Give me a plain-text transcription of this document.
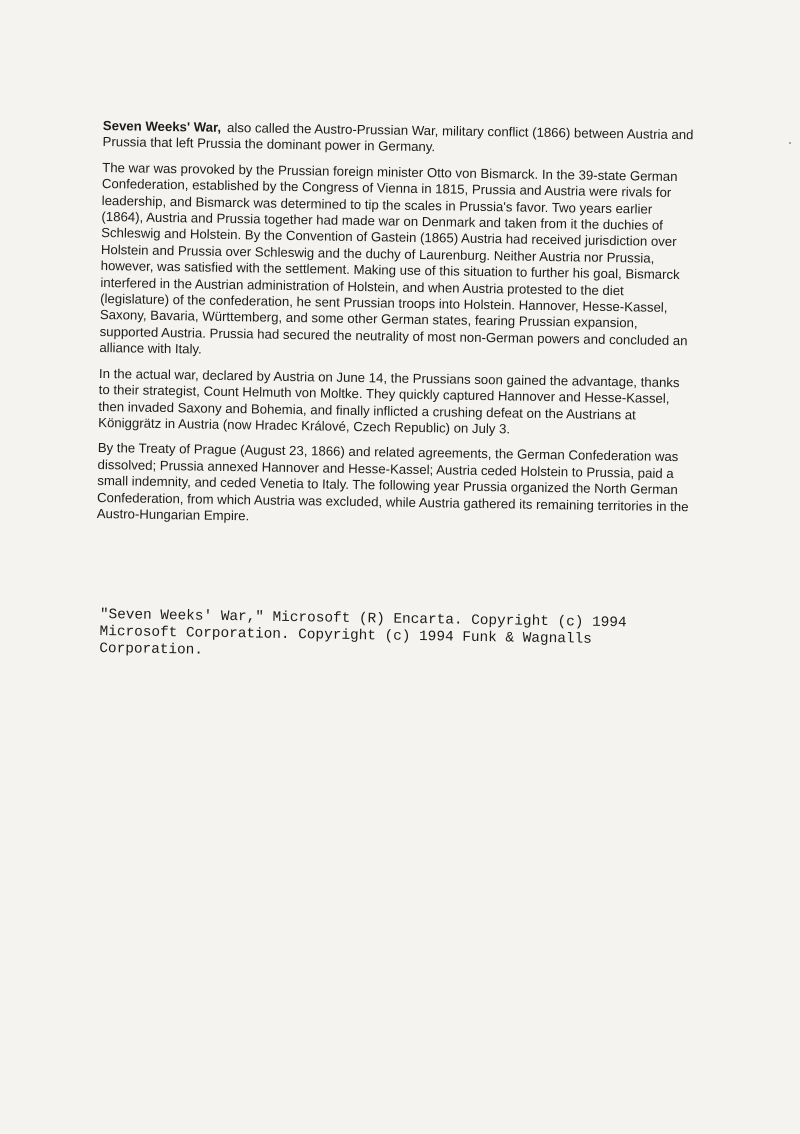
Seven Weeks' War, also called the Austro-Prussian War, military conflict (1866) between Austria and Prussia that left Prussia the dominant power in Germany.

The war was provoked by the Prussian foreign minister Otto von Bismarck. In the 39-state German Confederation, established by the Congress of Vienna in 1815, Prussia and Austria were rivals for leadership, and Bismarck was determined to tip the scales in Prussia's favor. Two years earlier (1864), Austria and Prussia together had made war on Denmark and taken from it the duchies of Schleswig and Holstein. By the Convention of Gastein (1865) Austria had received jurisdiction over Holstein and Prussia over Schleswig and the duchy of Laurenburg. Neither Austria nor Prussia, however, was satisfied with the settlement. Making use of this situation to further his goal, Bismarck interfered in the Austrian administration of Holstein, and when Austria protested to the diet (legislature) of the confederation, he sent Prussian troops into Holstein. Hannover, Hesse-Kassel, Saxony, Bavaria, Württemberg, and some other German states, fearing Prussian expansion, supported Austria. Prussia had secured the neutrality of most non-German powers and concluded an alliance with Italy.

In the actual war, declared by Austria on June 14, the Prussians soon gained the advantage, thanks to their strategist, Count Helmuth von Moltke. They quickly captured Hannover and Hesse-Kassel, then invaded Saxony and Bohemia, and finally inflicted a crushing defeat on the Austrians at Königgrätz in Austria (now Hradec Králové, Czech Republic) on July 3.

By the Treaty of Prague (August 23, 1866) and related agreements, the German Confederation was dissolved; Prussia annexed Hannover and Hesse-Kassel; Austria ceded Holstein to Prussia, paid a small indemnity, and ceded Venetia to Italy. The following year Prussia organized the North German Confederation, from which Austria was excluded, while Austria gathered its remaining territories in the Austro-Hungarian Empire.

"Seven Weeks' War," Microsoft (R) Encarta. Copyright (c) 1994 Microsoft Corporation. Copyright (c) 1994 Funk & Wagnalls Corporation.
